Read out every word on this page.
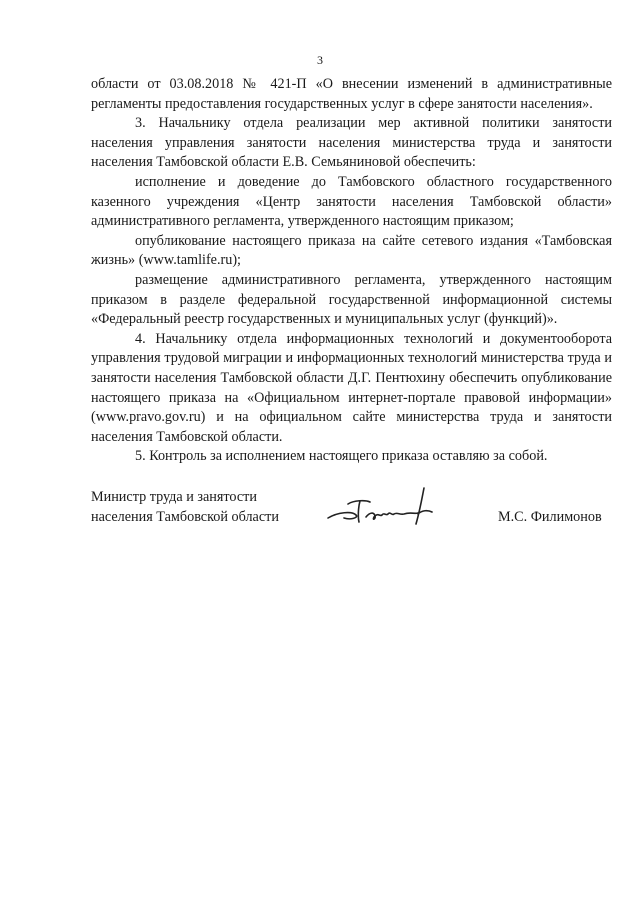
3

области от 03.08.2018 № 421-П «О внесении изменений в административные регламенты предоставления государственных услуг в сфере занятости населения».

3. Начальнику отдела реализации мер активной политики занятости населения управления занятости населения министерства труда и занятости населения Тамбовской области Е.В. Семьяниновой обеспечить:

исполнение и доведение до Тамбовского областного государственного казенного учреждения «Центр занятости населения Тамбовской области» административного регламента, утвержденного настоящим приказом;

опубликование настоящего приказа на сайте сетевого издания «Тамбовская жизнь» (www.tamlife.ru);

размещение административного регламента, утвержденного настоящим приказом в разделе федеральной государственной информационной системы «Федеральный реестр государственных и муниципальных услуг (функций)».

4. Начальнику отдела информационных технологий и документооборота управления трудовой миграции и информационных технологий министерства труда и занятости населения Тамбовской области Д.Г. Пентюхину обеспечить опубликование настоящего приказа на «Официальном интернет-портале правовой информации» (www.pravo.gov.ru) и на официальном сайте министерства труда и занятости населения Тамбовской области.

5. Контроль за исполнением настоящего приказа оставляю за собой.

Министр труда и занятости
населения Тамбовской области	М.С. Филимонов
